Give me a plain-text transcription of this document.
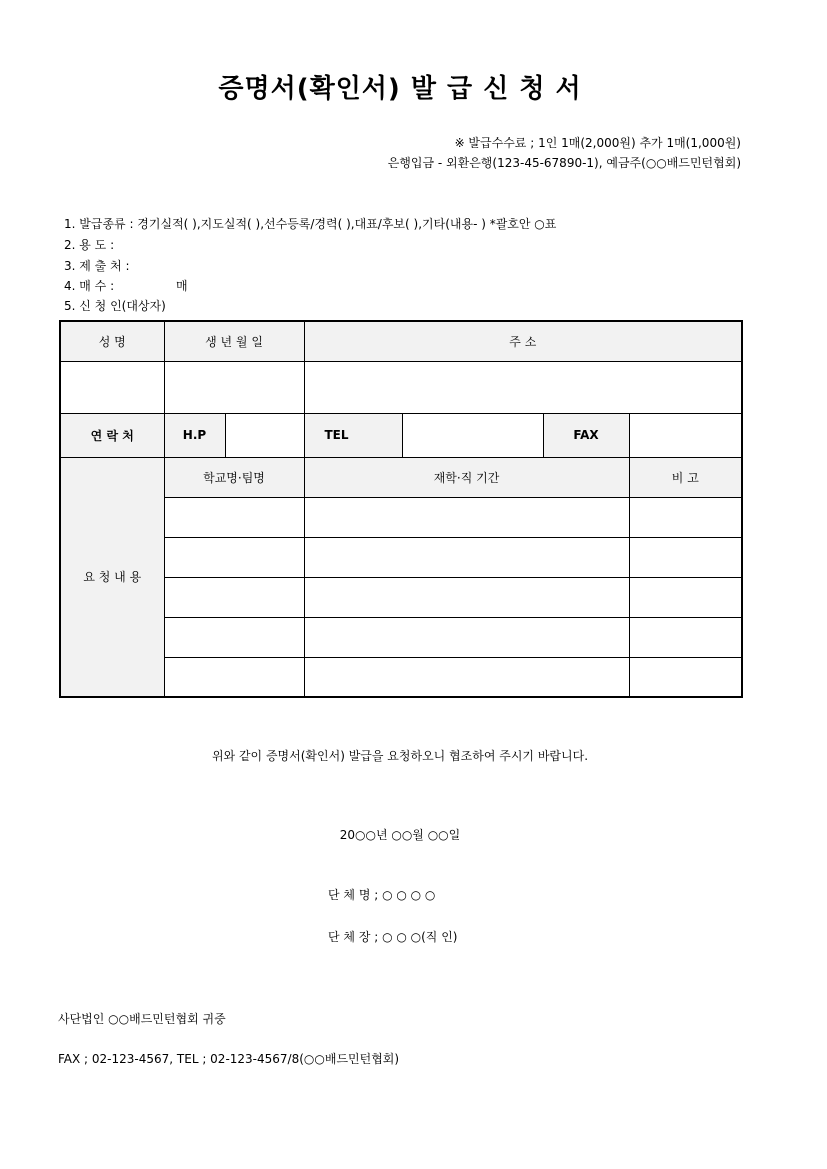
증명서(확인서) 발 급 신 청 서
※ 발급수수료 ; 1인 1매(2,000원) 추가 1매(1,000원)
은행입금 - 외환은행(123-45-67890-1), 예금주(○○배드민턴협회)
1. 발급종류 : 경기실적( ),지도실적( ),선수등록/경력( ),대표/후보( ),기타(내용- ) *괄호안 ○표
2. 용 도 :
3. 제 출 처 :
4. 매 수 :	매
5. 신 청 인(대상자)
성 명	생 년 월 일		주 소			

연 락 처	H.P		TEL		FAX	
요 청 내 용	학교명·팀명		재학·직 기간			비 고

위와 같이 증명서(확인서) 발급을 요청하오니 협조하여 주시기 바랍니다.
20○○년 ○○월 ○○일
단 체 명 ; ○ ○ ○ ○
단 체 장 ; ○ ○ ○(직 인)
사단법인 ○○배드민턴협회 귀중
FAX ; 02-123-4567, TEL ; 02-123-4567/8(○○배드민턴협회)
